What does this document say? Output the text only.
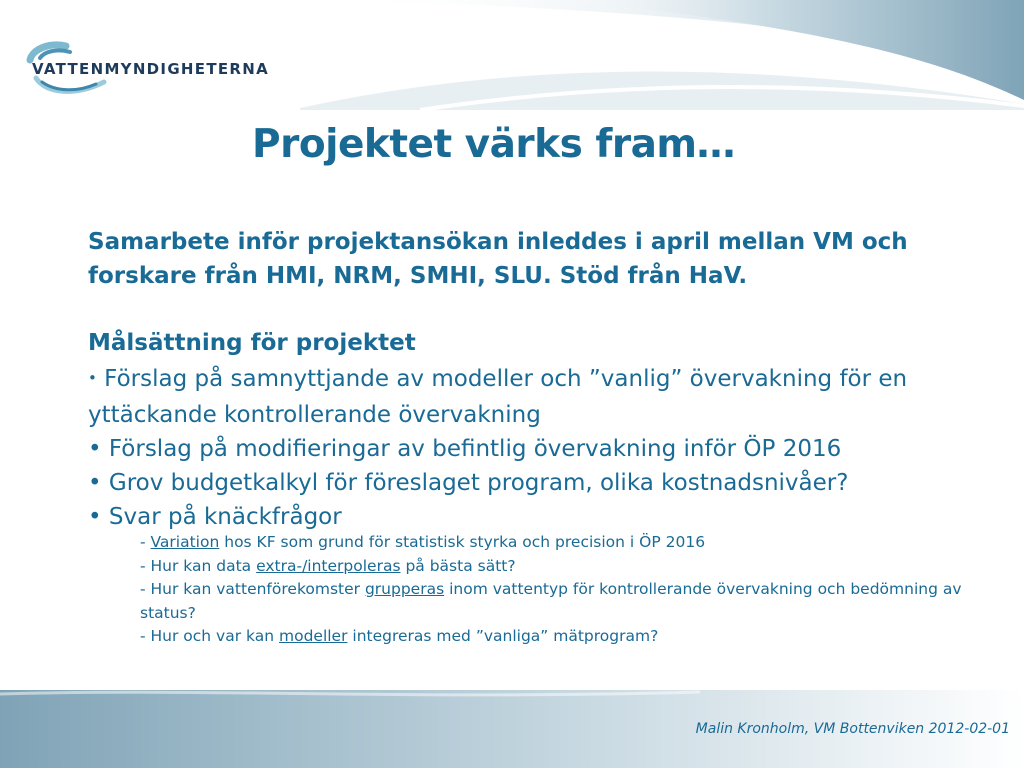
VATTENMYNDIGHETERNA
Projektet värks fram…
Samarbete inför projektansökan inleddes i april mellan VM och forskare från HMI, NRM, SMHI, SLU. Stöd från HaV.
Målsättning för projektet
• Förslag på samnyttjande av modeller och ”vanlig” övervakning för en yttäckande kontrollerande övervakning
• Förslag på modifieringar av befintlig övervakning inför ÖP 2016
• Grov budgetkalkyl för föreslaget program, olika kostnadsnivåer?
• Svar på knäckfrågor
- Variation hos KF som grund för statistisk styrka och precision i ÖP 2016
- Hur kan data extra-/interpoleras på bästa sätt?
- Hur kan vattenförekomster grupperas inom vattentyp för kontrollerande övervakning och bedömning av status?
- Hur och var kan modeller integreras med ”vanliga” mätprogram?
Malin Kronholm, VM Bottenviken 2012-02-01
